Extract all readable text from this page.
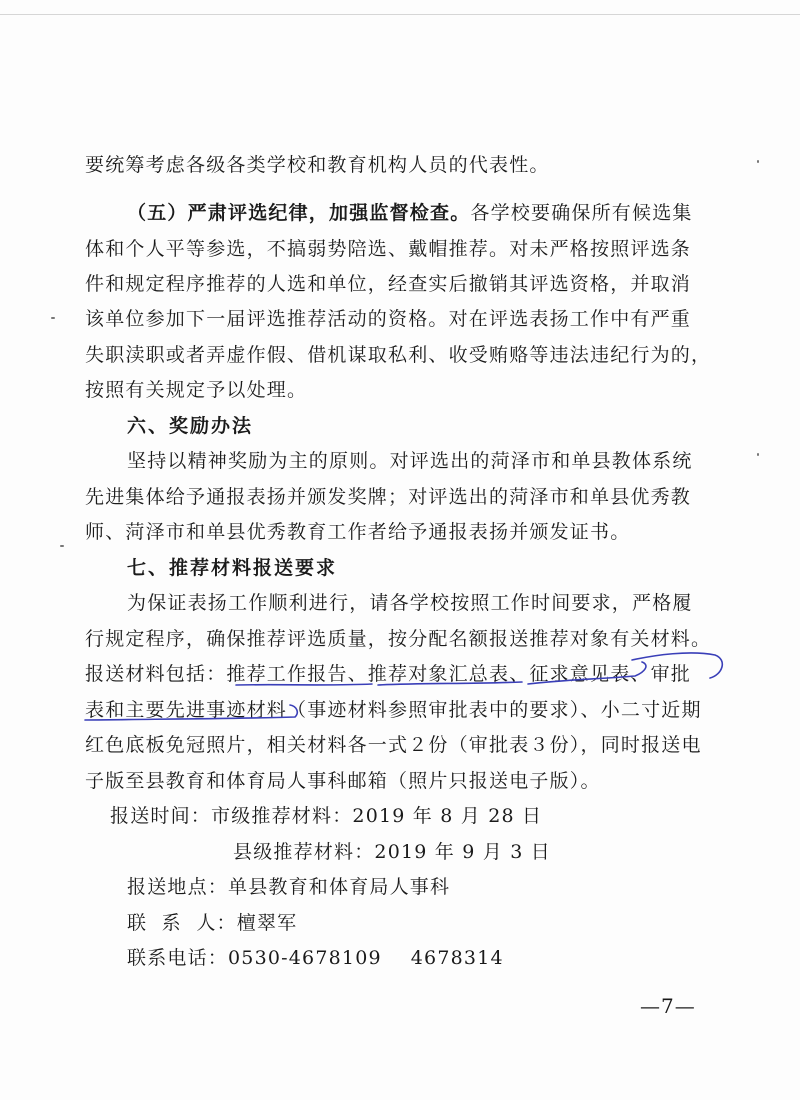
要统筹考虑各级各类学校和教育机构人员的代表性。
（五）严肃评选纪律，加强监督检查。各学校要确保所有候选集
体和个人平等参选，不搞弱势陪选、戴帽推荐。对未严格按照评选条
件和规定程序推荐的人选和单位，经查实后撤销其评选资格，并取消
该单位参加下一届评选推荐活动的资格。对在评选表扬工作中有严重
失职渎职或者弄虚作假、借机谋取私利、收受贿赂等违法违纪行为的，
按照有关规定予以处理。
六、奖励办法
坚持以精神奖励为主的原则。对评选出的菏泽市和单县教体系统
先进集体给予通报表扬并颁发奖牌；对评选出的菏泽市和单县优秀教
师、菏泽市和单县优秀教育工作者给予通报表扬并颁发证书。
七、推荐材料报送要求
为保证表扬工作顺利进行，请各学校按照工作时间要求，严格履
行规定程序，确保推荐评选质量，按分配名额报送推荐对象有关材料。
报送材料包括：推荐工作报告、推荐对象汇总表、征求意见表、审批
表和主要先进事迹材料（事迹材料参照审批表中的要求）、小二寸近期
红色底板免冠照片，相关材料各一式２份（审批表３份），同时报送电
子版至县教育和体育局人事科邮箱（照片只报送电子版）。
报送时间：市级推荐材料：2019 年 8 月 28 日
县级推荐材料：2019 年 9 月 3 日
报送地点：单县教育和体育局人事科
联  系  人：檀翠军
联系电话：0530-4678109    4678314
—7—
